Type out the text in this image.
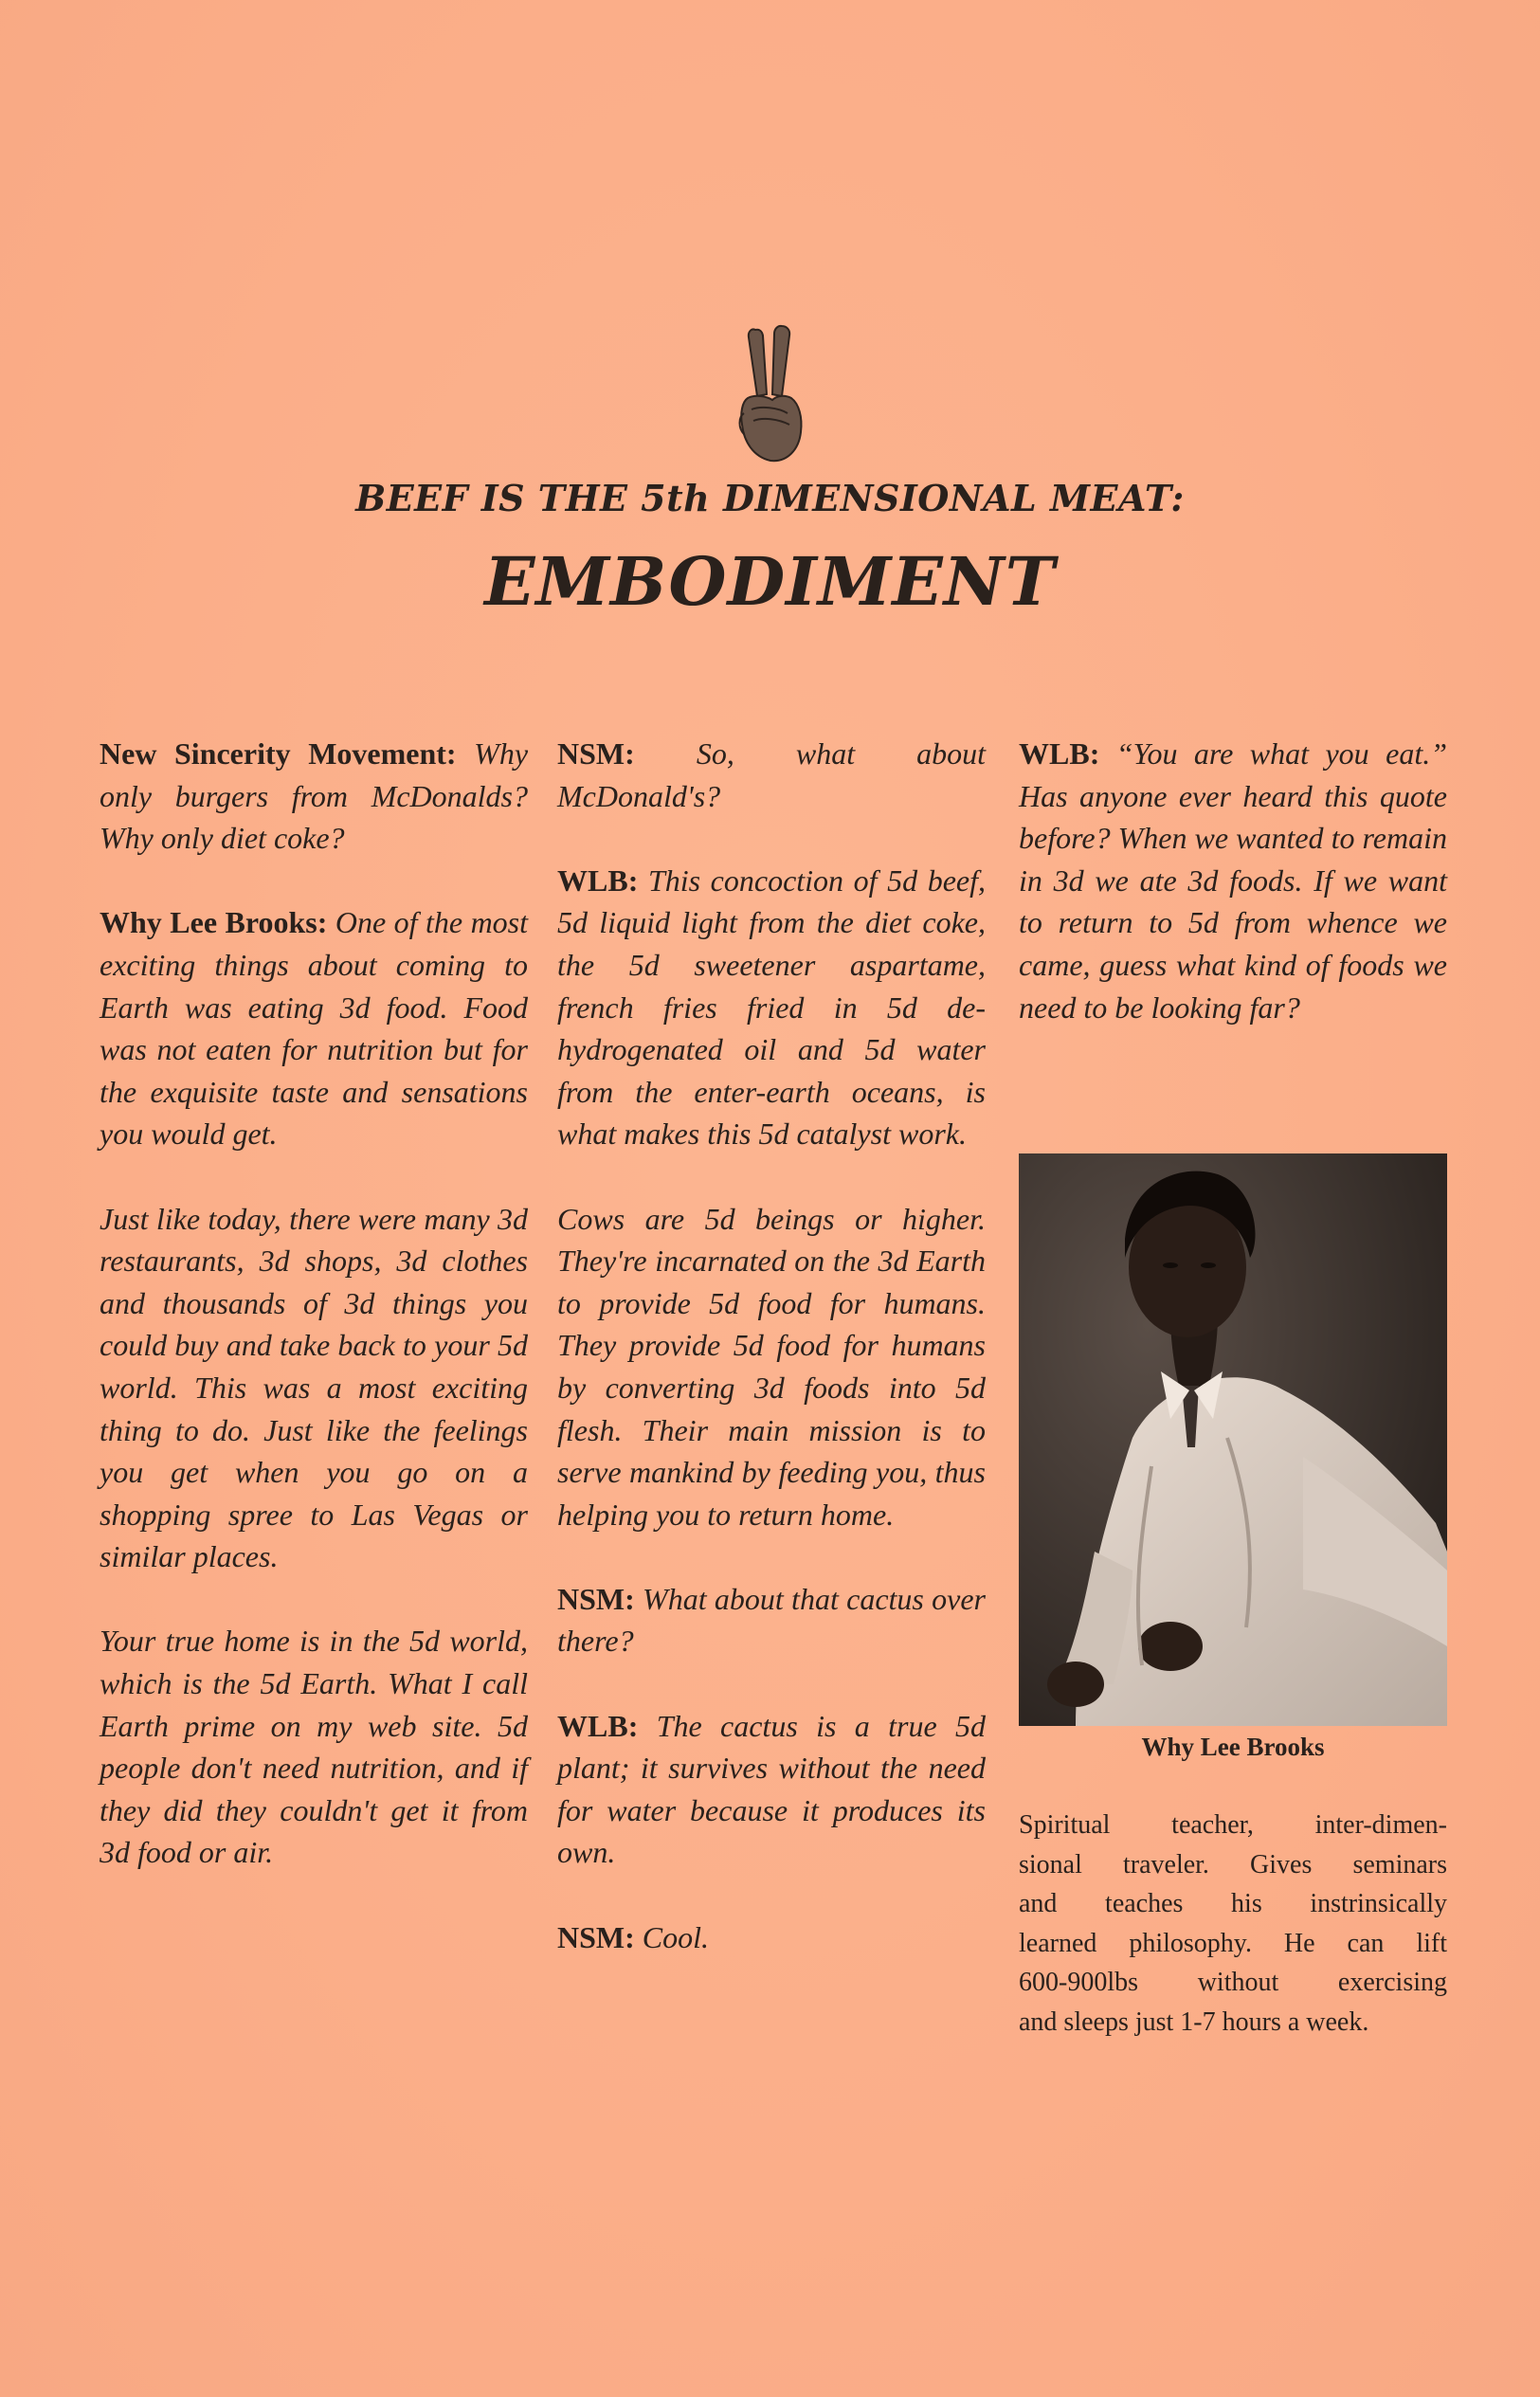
BEEF IS THE 5th DIMENSIONAL MEAT:
EMBODIMENT

New Sincerity Movement: Why only burgers from McDonalds? Why only diet coke?

Why Lee Brooks: One of the most exciting things about coming to Earth was eating 3d food. Food was not eaten for nutrition but for the exquisite taste and sensations you would get.

Just like today, there were many 3d restaurants, 3d shops, 3d clothes and thousands of 3d things you could buy and take back to your 5d world. This was a most exciting thing to do. Just like the feelings you get when you go on a shopping spree to Las Vegas or similar places.

Your true home is in the 5d world, which is the 5d Earth. What I call Earth prime on my web site. 5d people don't need nutrition, and if they did they couldn't get it from 3d food or air.

NSM: So, what about McDonald's?

WLB: This concoction of 5d beef, 5d liquid light from the diet coke, the 5d sweetener aspartame, french fries fried in 5d de-hydrogenated oil and 5d water from the enter-earth oceans, is what makes this 5d catalyst work.

Cows are 5d beings or higher. They're incarnated on the 3d Earth to provide 5d food for humans. They provide 5d food for humans by converting 3d foods into 5d flesh. Their main mission is to serve mankind by feeding you, thus helping you to return home.

NSM: What about that cactus over there?

WLB: The cactus is a true 5d plant; it survives without the need for water because it produces its own.

NSM: Cool.

WLB: “You are what you eat.” Has anyone ever heard this quote before? When we wanted to remain in 3d we ate 3d foods. If we want to return to 5d from whence we came, guess what kind of foods we need to be looking far?

Why Lee Brooks
Spiritual teacher, inter-dimen-
sional traveler. Gives seminars
and teaches his instrinsically
learned philosophy. He can lift
600-900lbs without exercising
and sleeps just 1-7 hours a week.
